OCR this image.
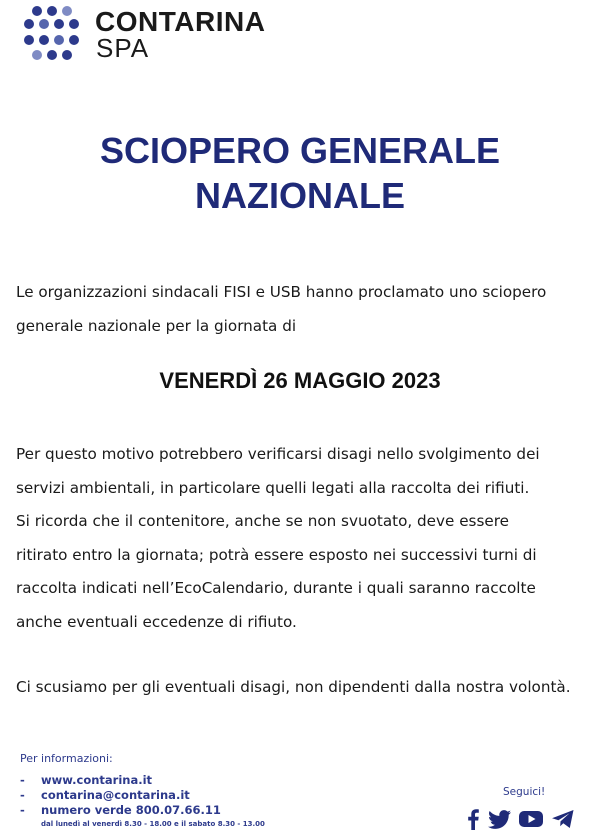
CONTARINA
SPA
SCIOPERO GENERALE
NAZIONALE
Le organizzazioni sindacali FISI e USB hanno proclamato uno sciopero
generale nazionale per la giornata di
VENERDÌ 26 MAGGIO 2023
Per questo motivo potrebbero verificarsi disagi nello svolgimento dei
servizi ambientali, in particolare quelli legati alla raccolta dei rifiuti.
Si ricorda che il contenitore, anche se non svuotato, deve essere
ritirato entro la giornata; potrà essere esposto nei successivi turni di
raccolta indicati nell’EcoCalendario, durante i quali saranno raccolte
anche eventuali eccedenze di rifiuto.
Ci scusiamo per gli eventuali disagi, non dipendenti dalla nostra volontà.
Per informazioni:
- www.contarina.it
- contarina@contarina.it
- numero verde 800.07.66.11
dal lunedì al venerdì 8.30 - 18.00 e il sabato 8.30 - 13.00
Seguici!
